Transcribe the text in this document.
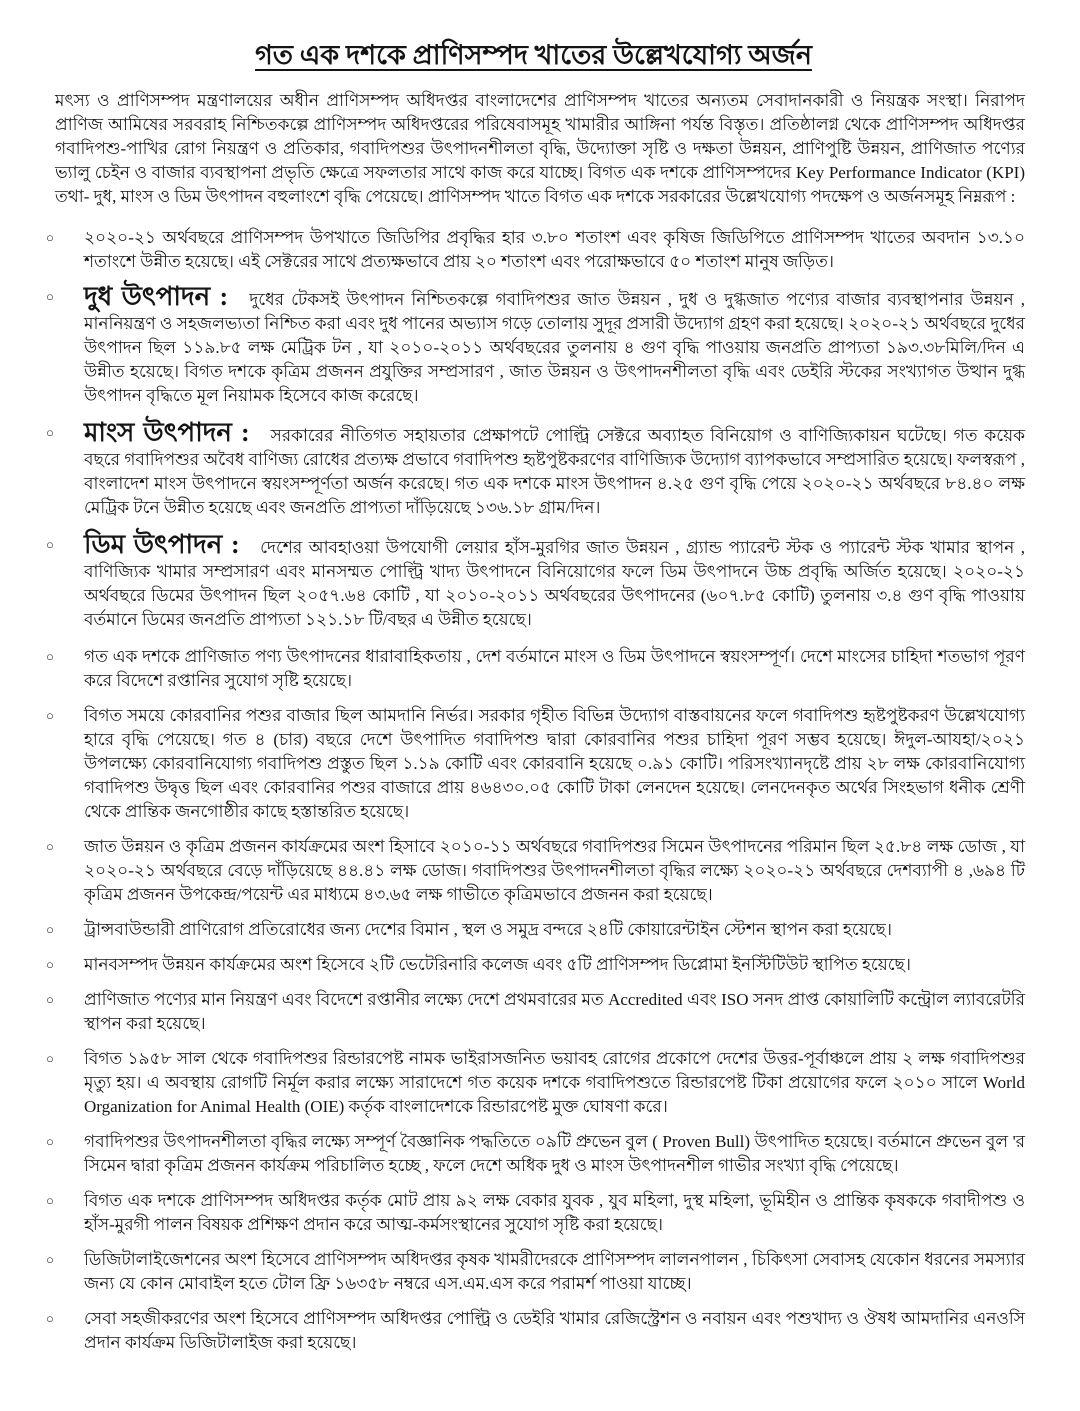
গত এক দশকে প্রাণিসম্পদ খাতের উল্লেখযোগ্য অর্জন

মৎস্য ও প্রাণিসম্পদ মন্ত্রণালয়ের অধীন প্রাণিসম্পদ অধিদপ্তর বাংলাদেশের প্রাণিসম্পদ খাতের অন্যতম সেবাদানকারী ও নিয়ন্ত্রক সংস্থা। নিরাপদ প্রাণিজ আমিষের সরবরাহ নিশ্চিতকল্পে প্রাণিসম্পদ অধিদপ্তরের পরিষেবাসমূহ খামারীর আঙ্গিনা পর্যন্ত বিস্তৃত। প্রতিষ্ঠালগ্ন থেকে প্রাণিসম্পদ অধিদপ্তর গবাদিপশু-পাখির রোগ নিয়ন্ত্রণ ও প্রতিকার, গবাদিপশুর উৎপাদনশীলতা বৃদ্ধি, উদ্যোক্তা সৃষ্টি ও দক্ষতা উন্নয়ন, প্রাণিপুষ্টি উন্নয়ন, প্রাণিজাত পণ্যের ভ্যালু চেইন ও বাজার ব্যবস্থাপনা প্রভৃতি ক্ষেত্রে সফলতার সাথে কাজ করে যাচ্ছে। বিগত এক দশকে প্রাণিসম্পদের Key Performance Indicator (KPI) তথা- দুধ, মাংস ও ডিম উৎপাদন বহুলাংশে বৃদ্ধি পেয়েছে। প্রাণিসম্পদ খাতে বিগত এক দশকে সরকারের উল্লেখযোগ্য পদক্ষেপ ও অর্জনসমূহ নিম্নরূপ :

○	২০২০-২১ অর্থবছরে প্রাণিসম্পদ উপখাতে জিডিপির প্রবৃদ্ধির হার ৩.৮০ শতাংশ এবং কৃষিজ জিডিপিতে প্রাণিসম্পদ খাতের অবদান ১৩.১০ শতাংশে উন্নীত হয়েছে। এই সেক্টরের সাথে প্রত্যক্ষভাবে প্রায় ২০ শতাংশ এবং পরোক্ষভাবে ৫০ শতাংশ মানুষ জড়িত।
○	দুধ উৎপাদন : দুধের টেকসই উৎপাদন নিশ্চিতকল্পে গবাদিপশুর জাত উন্নয়ন , দুধ ও দুগ্ধজাত পণ্যের বাজার ব্যবস্থাপনার উন্নয়ন , মাননিয়ন্ত্রণ ও সহজলভ্যতা নিশ্চিত করা এবং দুধ পানের অভ্যাস গড়ে তোলায় সুদূর প্রসারী উদ্যোগ গ্রহণ করা হয়েছে। ২০২০-২১ অর্থবছরে দুধের উৎপাদন ছিল ১১৯.৮৫ লক্ষ মেট্রিক টন , যা ২০১০-২০১১ অর্থবছরের তুলনায় ৪ গুণ বৃদ্ধি পাওয়ায় জনপ্রতি প্রাপ্যতা ১৯৩.৩৮মিলি/দিন এ উন্নীত হয়েছে। বিগত দশকে কৃত্রিম প্রজনন প্রযুক্তির সম্প্রসারণ , জাত উন্নয়ন ও উৎপাদনশীলতা বৃদ্ধি এবং ডেইরি স্টকের সংখ্যাগত উত্থান দুগ্ধ উৎপাদন বৃদ্ধিতে মূল নিয়ামক হিসেবে কাজ করেছে।
○	মাংস উৎপাদন : সরকারের নীতিগত সহায়তার প্রেক্ষাপটে পোল্ট্রি সেক্টরে অব্যাহত বিনিয়োগ ও বাণিজ্যিকায়ন ঘটেছে। গত কয়েক বছরে গবাদিপশুর অবৈধ বাণিজ্য রোধের প্রত্যক্ষ প্রভাবে গবাদিপশু হৃষ্টপুষ্টকরণের বাণিজ্যিক উদ্যোগ ব্যাপকভাবে সম্প্রসারিত হয়েছে। ফলস্বরূপ , বাংলাদেশ মাংস উৎপাদনে স্বয়ংসম্পূর্ণতা অর্জন করেছে। গত এক দশকে মাংস উৎপাদন ৪.২৫ গুণ বৃদ্ধি পেয়ে ২০২০-২১ অর্থবছরে ৮৪.৪০ লক্ষ মেট্রিক টনে উন্নীত হয়েছে এবং জনপ্রতি প্রাপ্যতা দাঁড়িয়েছে ১৩৬.১৮ গ্রাম/দিন।
○	ডিম উৎপাদন : দেশের আবহাওয়া উপযোগী লেয়ার হাঁস-মুরগির জাত উন্নয়ন , গ্র্যান্ড প্যারেন্ট স্টক ও প্যারেন্ট স্টক খামার স্থাপন , বাণিজ্যিক খামার সম্প্রসারণ এবং মানসম্মত পোল্ট্রি খাদ্য উৎপাদনে বিনিয়োগের ফলে ডিম উৎপাদনে উচ্চ প্রবৃদ্ধি অর্জিত হয়েছে। ২০২০-২১ অর্থবছরে ডিমের উৎপাদন ছিল ২০৫৭.৬৪ কোটি , যা ২০১০-২০১১ অর্থবছরের উৎপাদনের (৬০৭.৮৫ কোটি) তুলনায় ৩.৪ গুণ বৃদ্ধি পাওয়ায় বর্তমানে ডিমের জনপ্রতি প্রাপ্যতা ১২১.১৮ টি/বছর এ উন্নীত হয়েছে।
○	গত এক দশকে প্রাণিজাত পণ্য উৎপাদনের ধারাবাহিকতায় , দেশ বর্তমানে মাংস ও ডিম উৎপাদনে স্বয়ংসম্পূর্ণ। দেশে মাংসের চাহিদা শতভাগ পূরণ করে বিদেশে রপ্তানির সুযোগ সৃষ্টি হয়েছে।
○	বিগত সময়ে কোরবানির পশুর বাজার ছিল আমদানি নির্ভর। সরকার গৃহীত বিভিন্ন উদ্যোগ বাস্তবায়নের ফলে গবাদিপশু হৃষ্টপুষ্টকরণ উল্লেখযোগ্য হারে বৃদ্ধি পেয়েছে। গত ৪ (চার) বছরে দেশে উৎপাদিত গবাদিপশু দ্বারা কোরবানির পশুর চাহিদা পূরণ সম্ভব হয়েছে। ঈদুল-আযহা/২০২১ উপলক্ষ্যে কোরবানিযোগ্য গবাদিপশু প্রস্তুত ছিল ১.১৯ কোটি এবং কোরবানি হয়েছে ০.৯১ কোটি। পরিসংখ্যানদৃষ্টে প্রায় ২৮ লক্ষ কোরবানিযোগ্য গবাদিপশু উদ্বৃত্ত ছিল এবং কোরবানির পশুর বাজারে প্রায় ৪৬৪৩০.০৫ কোটি টাকা লেনদেন হয়েছে। লেনদেনকৃত অর্থের সিংহভাগ ধনীক শ্রেণী থেকে প্রান্তিক জনগোষ্ঠীর কাছে হস্তান্তরিত হয়েছে।
○	জাত উন্নয়ন ও কৃত্রিম প্রজনন কার্যক্রমের অংশ হিসাবে ২০১০-১১ অর্থবছরে গবাদিপশুর সিমেন উৎপাদনের পরিমান ছিল ২৫.৮৪ লক্ষ ডোজ , যা ২০২০-২১ অর্থবছরে বেড়ে দাঁড়িয়েছে ৪৪.৪১ লক্ষ ডোজ। গবাদিপশুর উৎপাদনশীলতা বৃদ্ধির লক্ষ্যে ২০২০-২১ অর্থবছরে দেশব্যাপী ৪ ,৬৯৪ টি কৃত্রিম প্রজনন উপকেন্দ্র/পয়েন্ট এর মাধ্যমে ৪৩.৬৫ লক্ষ গাভীতে কৃত্রিমভাবে প্রজনন করা হয়েছে।
○	ট্রান্সবাউন্ডারী প্রাণিরোগ প্রতিরোধের জন্য দেশের বিমান , স্থল ও সমুদ্র বন্দরে ২৪টি কোয়ারেন্টাইন স্টেশন স্থাপন করা হয়েছে।
○	মানবসম্পদ উন্নয়ন কার্যক্রমের অংশ হিসেবে ২টি ভেটেরিনারি কলেজ এবং ৫টি প্রাণিসম্পদ ডিপ্লোমা ইনস্টিটিউট স্থাপিত হয়েছে।
○	প্রাণিজাত পণ্যের মান নিয়ন্ত্রণ এবং বিদেশে রপ্তানীর লক্ষ্যে দেশে প্রথমবারের মত Accredited এবং ISO সনদ প্রাপ্ত কোয়ালিটি কন্ট্রোল ল্যাবরেটরি স্থাপন করা হয়েছে।
○	বিগত ১৯৫৮ সাল থেকে গবাদিপশুর রিন্ডারপেষ্ট নামক ভাইরাসজনিত ভয়াবহ রোগের প্রকোপে দেশের উত্তর-পূর্বাঞ্চলে প্রায় ২ লক্ষ গবাদিপশুর মৃত্যু হয়। এ অবস্থায় রোগটি নির্মূল করার লক্ষ্যে সারাদেশে গত কয়েক দশকে গবাদিপশুতে রিন্ডারপেষ্ট টিকা প্রয়োগের ফলে ২০১০ সালে World Organization for Animal Health (OIE) কর্তৃক বাংলাদেশকে রিন্ডারপেষ্ট মুক্ত ঘোষণা করে।
○	গবাদিপশুর উৎপাদনশীলতা বৃদ্ধির লক্ষ্যে সম্পূর্ণ বৈজ্ঞানিক পদ্ধতিতে ০৯টি প্রুভেন বুল ( Proven Bull) উৎপাদিত হয়েছে। বর্তমানে প্রুভেন বুল 'র সিমেন দ্বারা কৃত্রিম প্রজনন কার্যক্রম পরিচালিত হচ্ছে , ফলে দেশে অধিক দুধ ও মাংস উৎপাদনশীল গাভীর সংখ্যা বৃদ্ধি পেয়েছে।
○	বিগত এক দশকে প্রাণিসম্পদ অধিদপ্তর কর্তৃক মোট প্রায় ৯২ লক্ষ বেকার যুবক , যুব মহিলা, দুস্থ মহিলা, ভূমিহীন ও প্রান্তিক কৃষককে গবাদীপশু ও হাঁস-মুরগী পালন বিষয়ক প্রশিক্ষণ প্রদান করে আত্ম-কর্মসংস্থানের সুযোগ সৃষ্টি করা হয়েছে।
○	ডিজিটালাইজেশনের অংশ হিসেবে প্রাণিসম্পদ অধিদপ্তর কৃষক খামরীদেরকে প্রাণিসম্পদ লালনপালন , চিকিৎসা সেবাসহ যেকোন ধরনের সমস্যার জন্য যে কোন মোবাইল হতে টোল ফ্রি ১৬৩৫৮ নম্বরে এস.এম.এস করে পরামর্শ পাওয়া যাচ্ছে।
○	সেবা সহজীকরণের অংশ হিসেবে প্রাণিসম্পদ অধিদপ্তর পোল্ট্রি ও ডেইরি খামার রেজিস্ট্রেশন ও নবায়ন এবং পশুখাদ্য ও ঔষধ আমদানির এনওসি প্রদান কার্যক্রম ডিজিটালাইজ করা হয়েছে।
